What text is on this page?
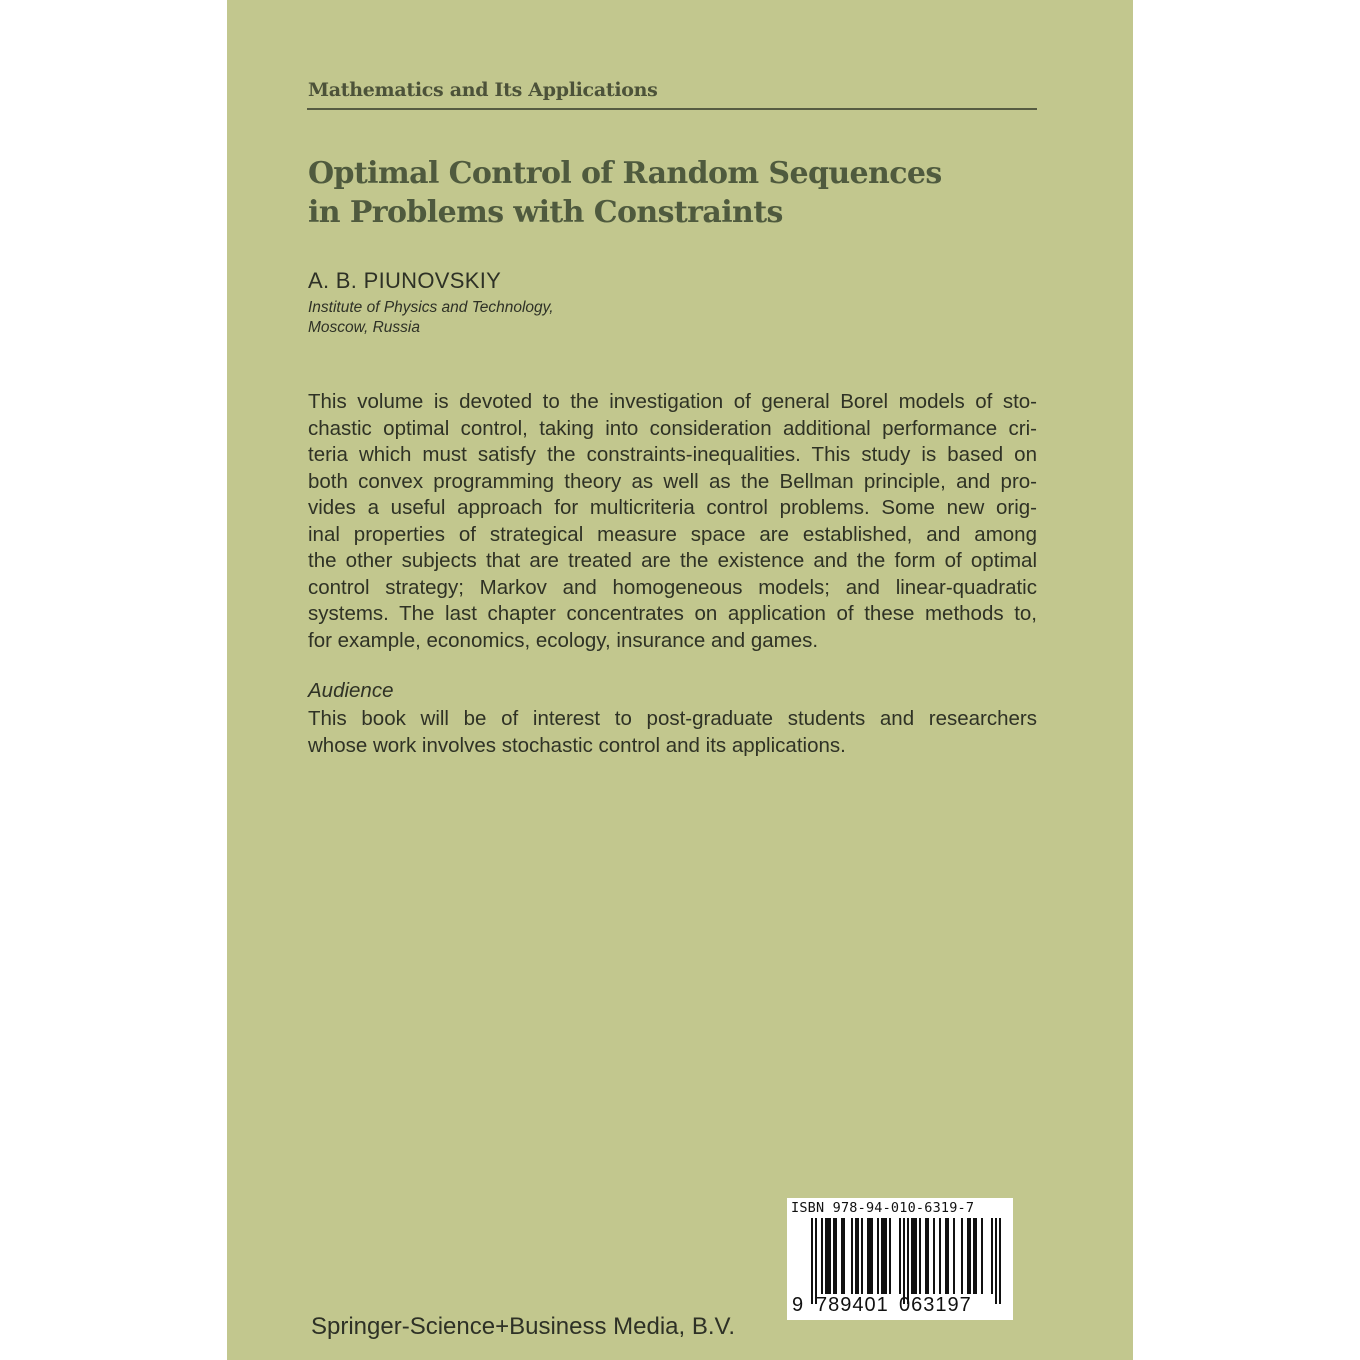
Mathematics and Its Applications
Optimal Control of Random Sequences
in Problems with Constraints
A. B. PIUNOVSKIY
Institute of Physics and Technology,
Moscow, Russia
This volume is devoted to the investigation of general Borel models of sto-
chastic optimal control, taking into consideration additional performance cri-
teria which must satisfy the constraints-inequalities. This study is based on
both convex programming theory as well as the Bellman principle, and pro-
vides a useful approach for multicriteria control problems. Some new orig-
inal properties of strategical measure space are established, and among
the other subjects that are treated are the existence and the form of optimal
control strategy; Markov and homogeneous models; and linear-quadratic
systems. The last chapter concentrates on application of these methods to,
for example, economics, ecology, insurance and games.
Audience
This book will be of interest to post-graduate students and researchers
whose work involves stochastic control and its applications.
ISBN 978-94-010-6319-7
9 789401 063197
Springer-Science+Business Media, B.V.
